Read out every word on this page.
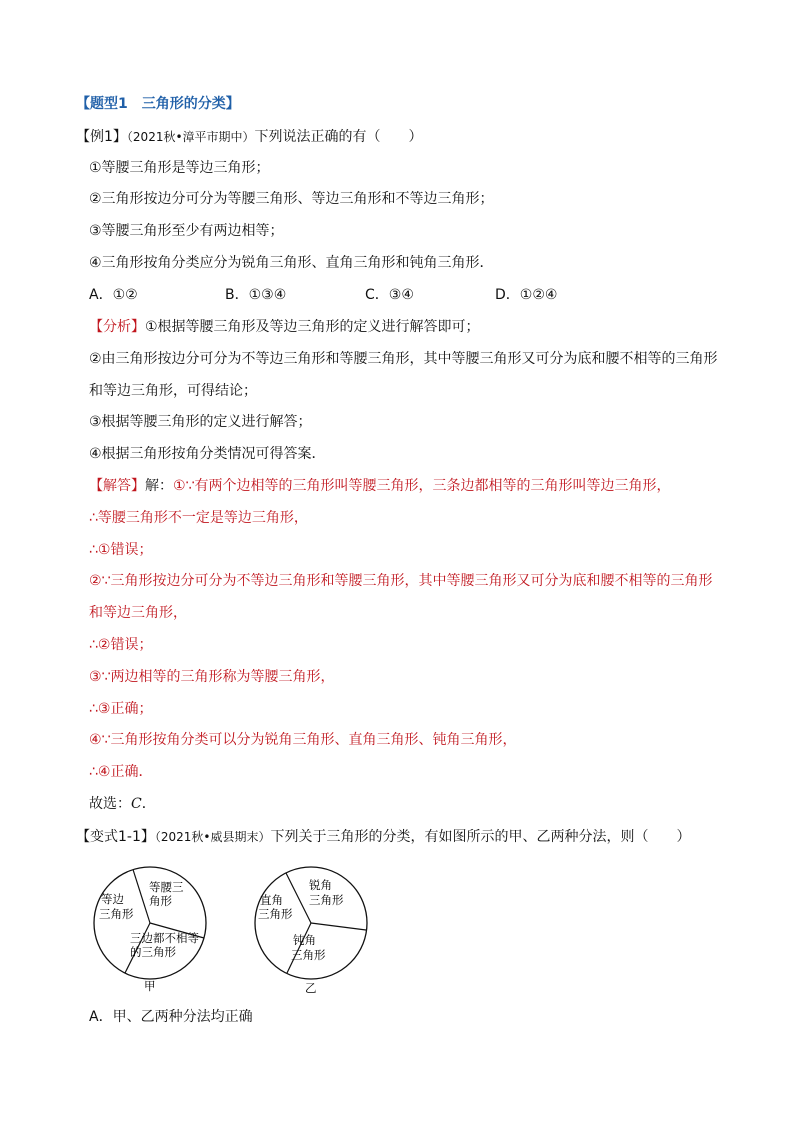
【题型1　三角形的分类】
【例1】（2021秋•漳平市期中）下列说法正确的有（　　）
①等腰三角形是等边三角形；
②三角形按边分可分为等腰三角形、等边三角形和不等边三角形；
③等腰三角形至少有两边相等；
④三角形按角分类应分为锐角三角形、直角三角形和钝角三角形．
A．①②	B．①③④	C．③④	D．①②④
【分析】①根据等腰三角形及等边三角形的定义进行解答即可；
②由三角形按边分可分为不等边三角形和等腰三角形，其中等腰三角形又可分为底和腰不相等的三角形
和等边三角形，可得结论；
③根据等腰三角形的定义进行解答；
④根据三角形按角分类情况可得答案．
【解答】解：①∵有两个边相等的三角形叫等腰三角形，三条边都相等的三角形叫等边三角形，
∴等腰三角形不一定是等边三角形，
∴①错误；
②∵三角形按边分可分为不等边三角形和等腰三角形，其中等腰三角形又可分为底和腰不相等的三角形
和等边三角形，
∴②错误；
③∵两边相等的三角形称为等腰三角形，
∴③正确；
④∵三角形按角分类可以分为锐角三角形、直角三角形、钝角三角形，
∴④正确．
故选：C．
【变式1-1】（2021秋•威县期末）下列关于三角形的分类，有如图所示的甲、乙两种分法，则（　　）
等腰三
角形
等边
三角形
三边都不相等
的三角形
甲
锐角
三角形
直角
三角形
钝角
三角形
乙
A．甲、乙两种分法均正确
